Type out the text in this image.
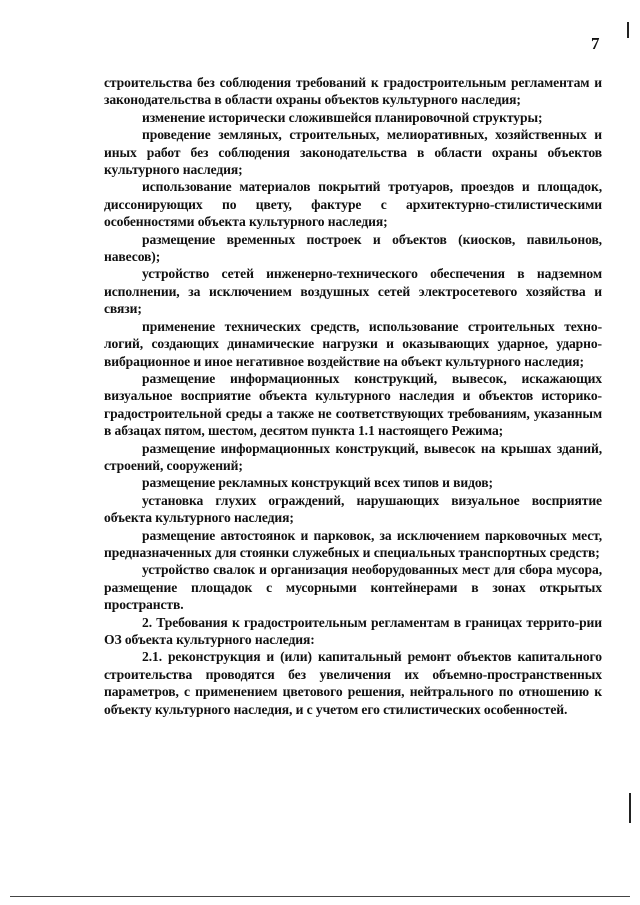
7

строительства без соблюдения требований к градостроительным регламентам и законодательства в области охраны объектов культурного наследия;

изменение исторически сложившейся планировочной структуры;

проведение земляных, строительных, мелиоративных, хозяйственных и иных работ без соблюдения законодательства в области охраны объектов культурного наследия;

использование материалов покрытий тротуаров, проездов и площадок, диссонирующих по цвету, фактуре с архитектурно-стилистическими особенностями объекта культурного наследия;

размещение временных построек и объектов (киосков, павильонов, навесов);

устройство сетей инженерно-технического обеспечения в надземном исполнении, за исключением воздушных сетей электросетевого хозяйства и связи;

применение технических средств, использование строительных техно-логий, создающих динамические нагрузки и оказывающих ударное, ударно-вибрационное и иное негативное воздействие на объект культурного наследия;

размещение информационных конструкций, вывесок, искажающих визуальное восприятие объекта культурного наследия и объектов историко-градостроительной среды а также не соответствующих требованиям, указанным в абзацах пятом, шестом, десятом пункта 1.1 настоящего Режима;

размещение информационных конструкций, вывесок на крышах зданий, строений, сооружений;

размещение рекламных конструкций всех типов и видов;

установка глухих ограждений, нарушающих визуальное восприятие объекта культурного наследия;

размещение автостоянок и парковок, за исключением парковочных мест, предназначенных для стоянки служебных и специальных транспортных средств;

устройство свалок и организация необорудованных мест для сбора мусора, размещение площадок с мусорными контейнерами в зонах открытых пространств.

2. Требования к градостроительным регламентам в границах террито-рии ОЗ объекта культурного наследия:

2.1. реконструкция и (или) капитальный ремонт объектов капитального строительства проводятся без увеличения их объемно-пространственных параметров, с применением цветового решения, нейтрального по отношению к объекту культурного наследия, и с учетом его стилистических особенностей.
